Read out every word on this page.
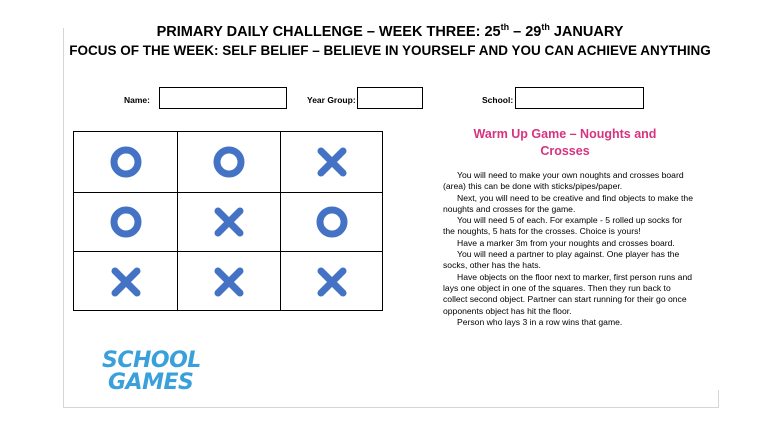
PRIMARY DAILY CHALLENGE – WEEK THREE: 25th – 29th JANUARY
FOCUS OF THE WEEK: SELF BELIEF – BELIEVE IN YOURSELF AND YOU CAN ACHIEVE ANYTHING
Name:	Year Group:	School:
Warm Up Game – Noughts and Crosses

You will need to make your own noughts and crosses board (area) this can be done with sticks/pipes/paper.

Next, you will need to be creative and find objects to make the noughts and crosses for the game.

You will need 5 of each. For example - 5 rolled up socks for the noughts, 5 hats for the crosses. Choice is yours!

Have a marker 3m from your noughts and crosses board.

You will need a partner to play against. One player has the socks, other has the hats.

Have objects on the floor next to marker, first person runs and lays one object in one of the squares. Then they run back to collect second object. Partner can start running for their go once opponents object has hit the floor.

Person who lays 3 in a row wins that game.

SCHOOL
GAMES
